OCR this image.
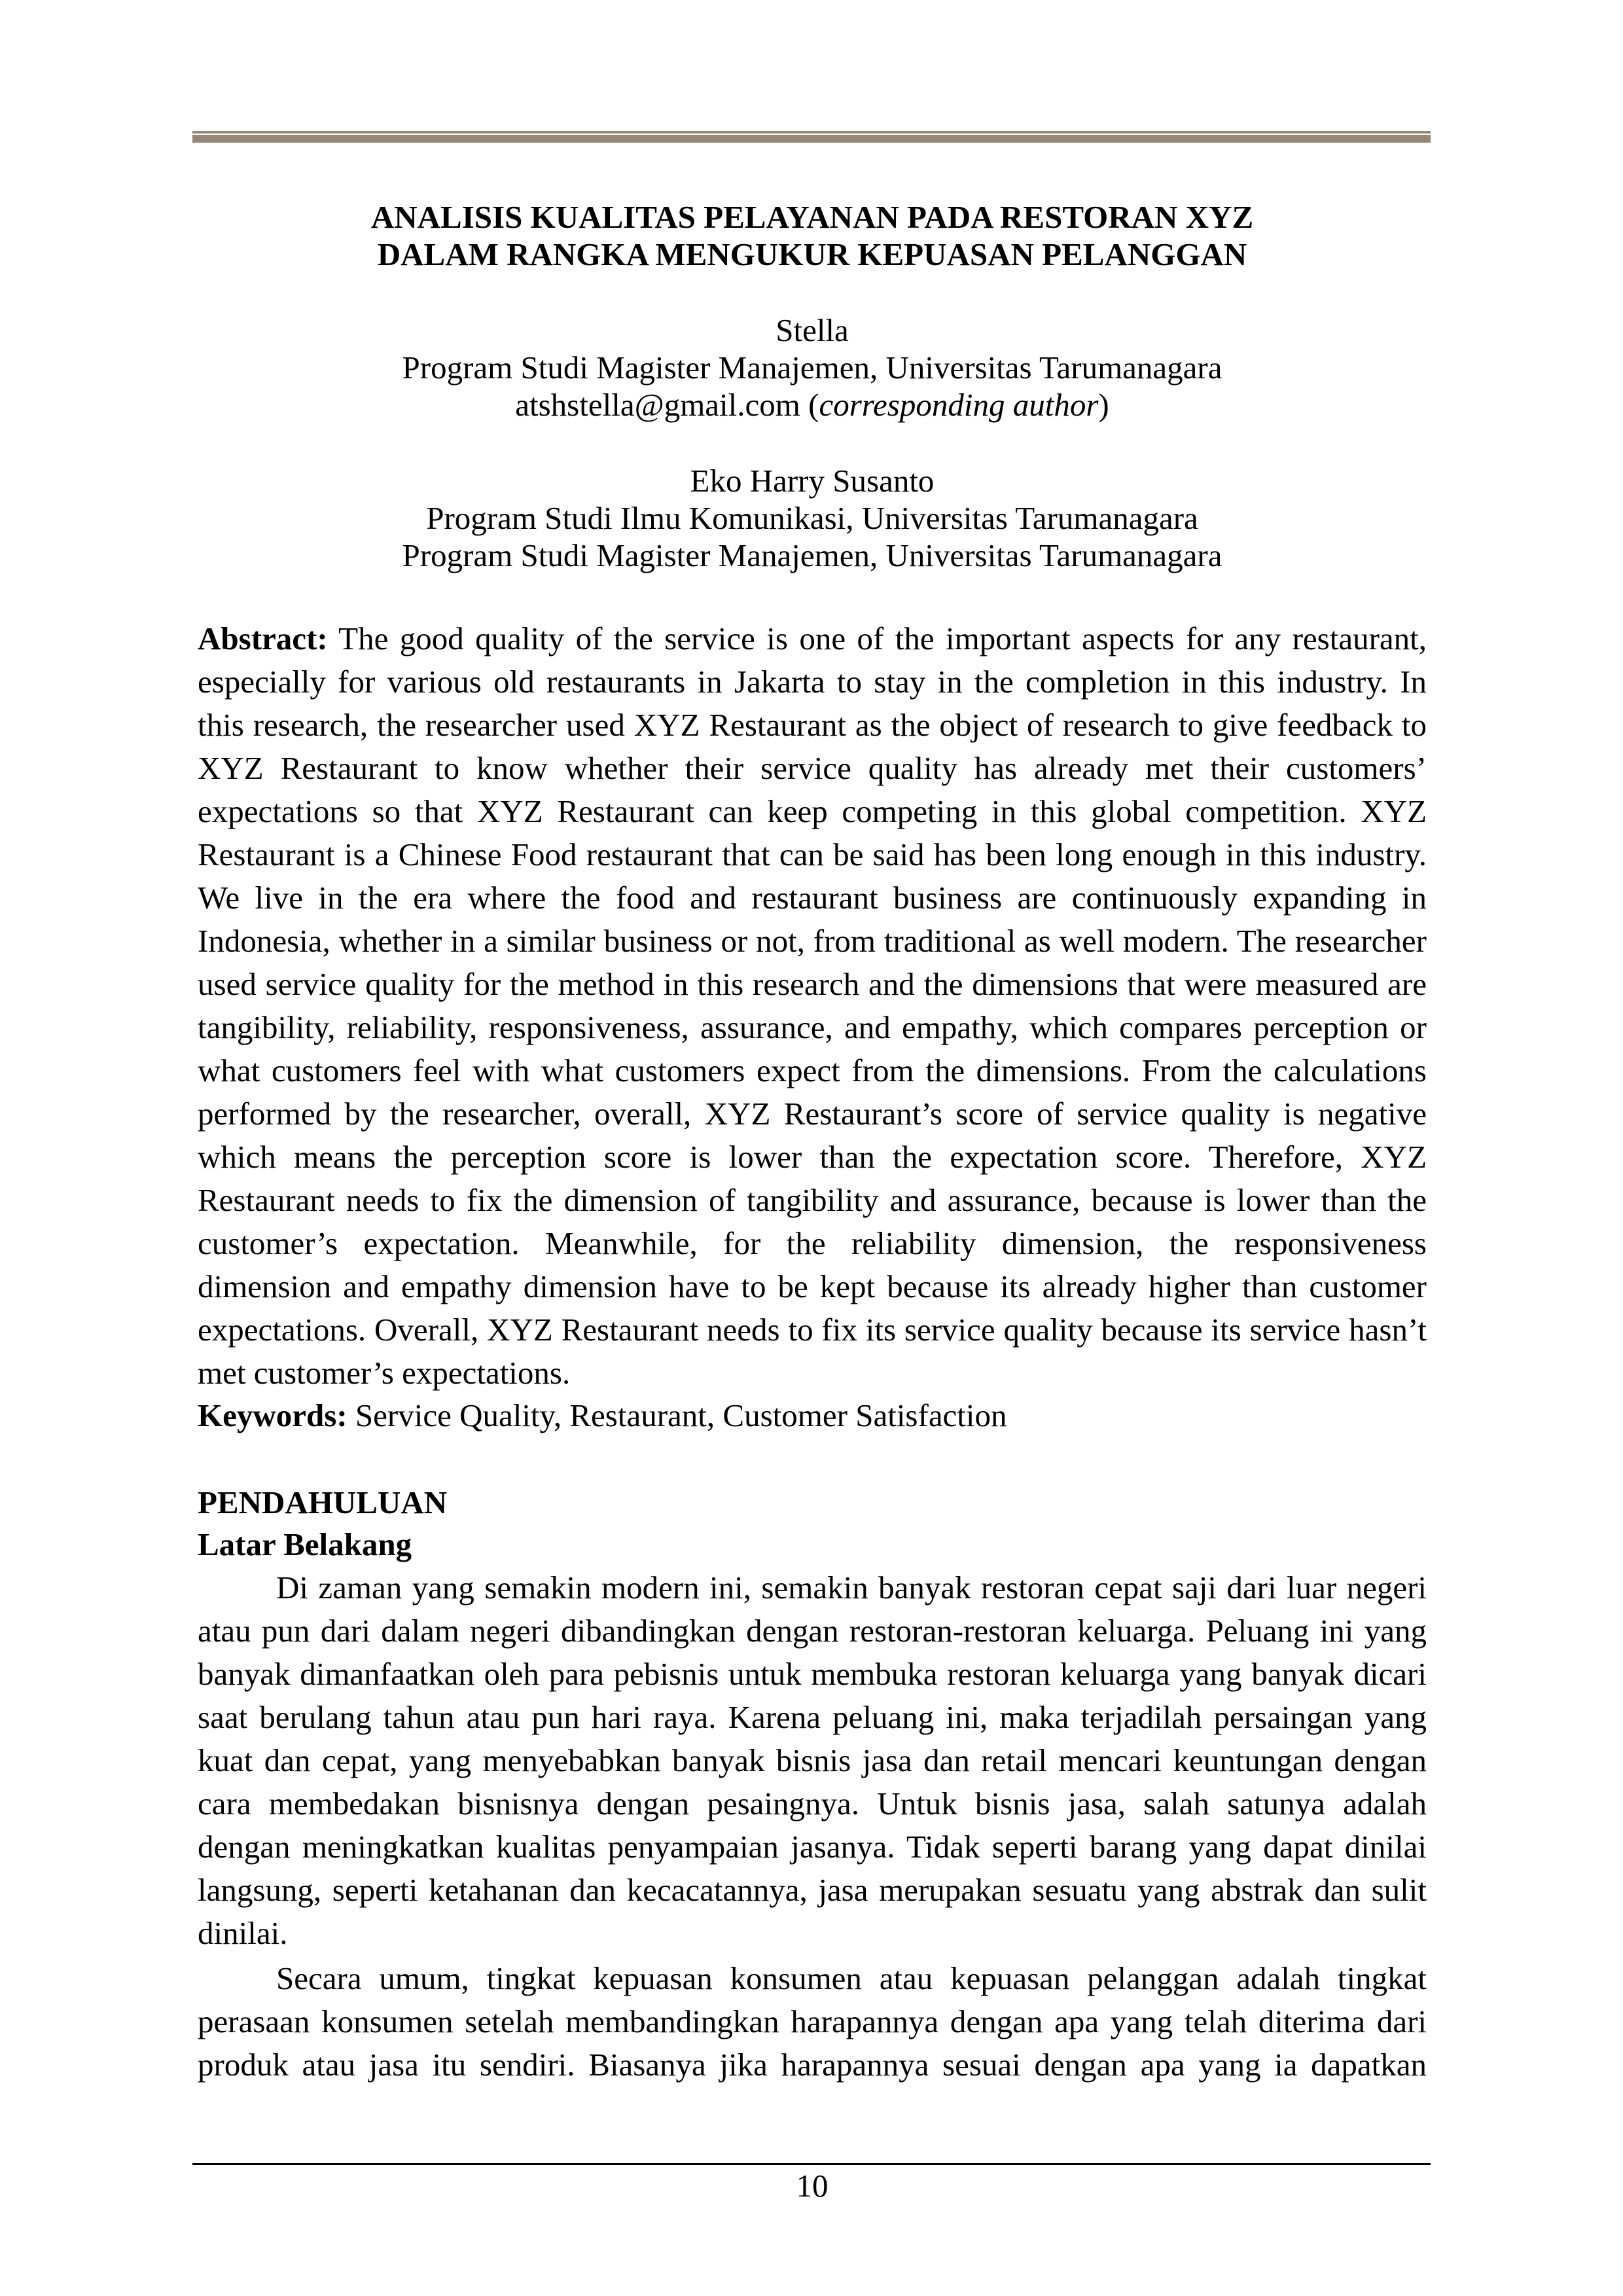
ANALISIS KUALITAS PELAYANAN PADA RESTORAN XYZ
DALAM RANGKA MENGUKUR KEPUASAN PELANGGAN
Stella
Program Studi Magister Manajemen, Universitas Tarumanagara
atshstella@gmail.com (corresponding author)
Eko Harry Susanto
Program Studi Ilmu Komunikasi, Universitas Tarumanagara
Program Studi Magister Manajemen, Universitas Tarumanagara
Abstract: The good quality of the service is one of the important aspects for any restaurant,
especially for various old restaurants in Jakarta to stay in the completion in this industry. In
this research, the researcher used XYZ Restaurant as the object of research to give feedback to
XYZ Restaurant to know whether their service quality has already met their customers’
expectations so that XYZ Restaurant can keep competing in this global competition. XYZ
Restaurant is a Chinese Food restaurant that can be said has been long enough in this industry.
We live in the era where the food and restaurant business are continuously expanding in
Indonesia, whether in a similar business or not, from traditional as well modern. The researcher
used service quality for the method in this research and the dimensions that were measured are
tangibility, reliability, responsiveness, assurance, and empathy, which compares perception or
what customers feel with what customers expect from the dimensions. From the calculations
performed by the researcher, overall, XYZ Restaurant’s score of service quality is negative
which means the perception score is lower than the expectation score. Therefore, XYZ
Restaurant needs to fix the dimension of tangibility and assurance, because is lower than the
customer’s expectation. Meanwhile, for the reliability dimension, the responsiveness
dimension and empathy dimension have to be kept because its already higher than customer
expectations. Overall, XYZ Restaurant needs to fix its service quality because its service hasn’t
met customer’s expectations.
Keywords: Service Quality, Restaurant, Customer Satisfaction
PENDAHULUAN
Latar Belakang
Di zaman yang semakin modern ini, semakin banyak restoran cepat saji dari luar negeri
atau pun dari dalam negeri dibandingkan dengan restoran-restoran keluarga. Peluang ini yang
banyak dimanfaatkan oleh para pebisnis untuk membuka restoran keluarga yang banyak dicari
saat berulang tahun atau pun hari raya. Karena peluang ini, maka terjadilah persaingan yang
kuat dan cepat, yang menyebabkan banyak bisnis jasa dan retail mencari keuntungan dengan
cara membedakan bisnisnya dengan pesaingnya. Untuk bisnis jasa, salah satunya adalah
dengan meningkatkan kualitas penyampaian jasanya. Tidak seperti barang yang dapat dinilai
langsung, seperti ketahanan dan kecacatannya, jasa merupakan sesuatu yang abstrak dan sulit
dinilai.
Secara umum, tingkat kepuasan konsumen atau kepuasan pelanggan adalah tingkat
perasaan konsumen setelah membandingkan harapannya dengan apa yang telah diterima dari
produk atau jasa itu sendiri. Biasanya jika harapannya sesuai dengan apa yang ia dapatkan
10
